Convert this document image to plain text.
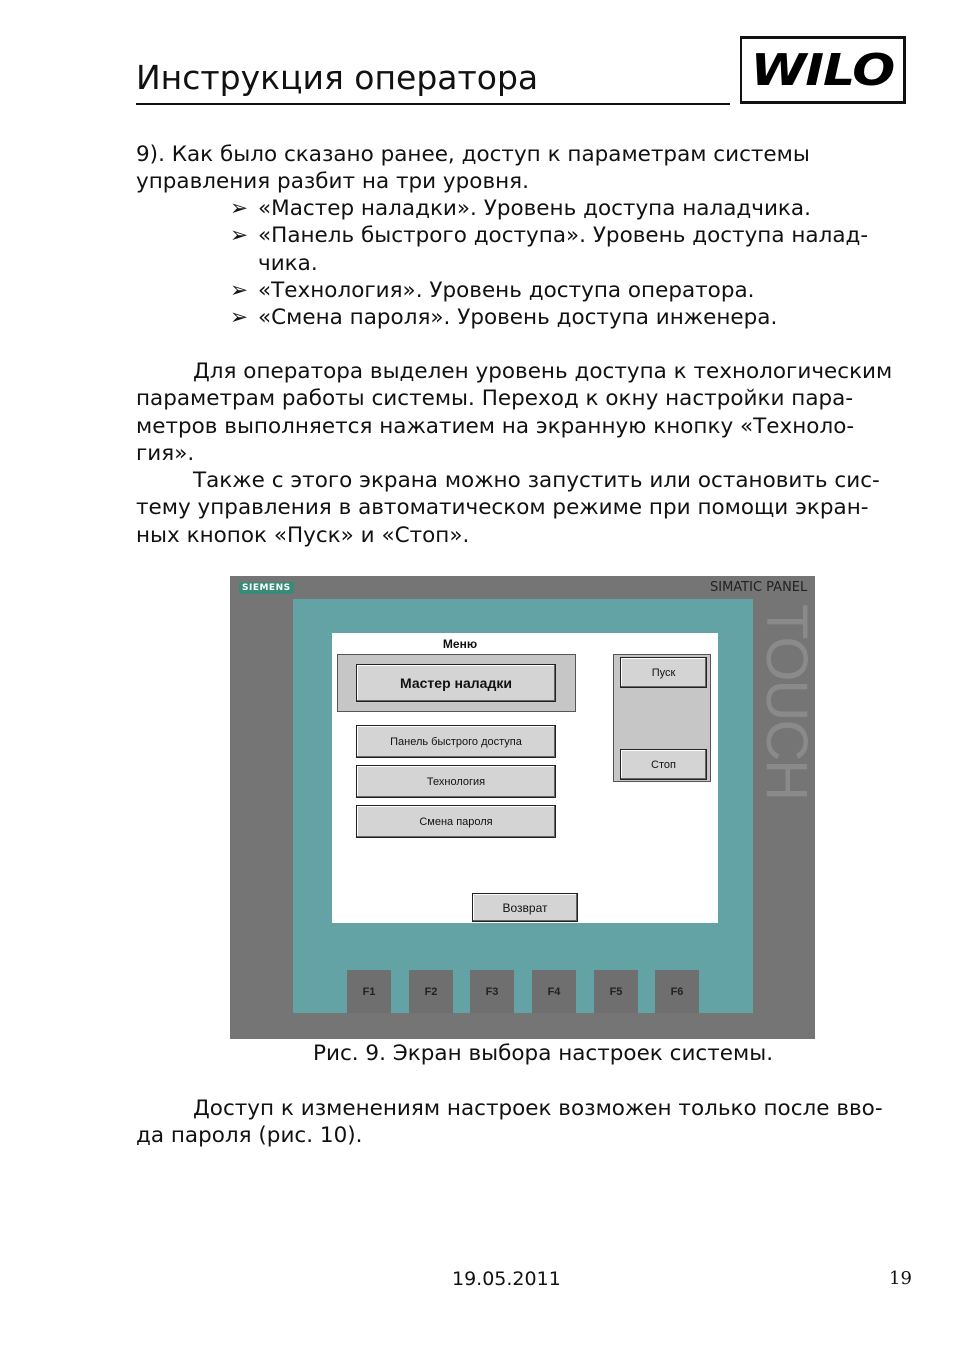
Инструкция оператора	WILO
9). Как было сказано ранее, доступ к параметрам системы
управления разбит на три уровня.
➢ «Мастер наладки». Уровень доступа наладчика.
➢ «Панель быстрого доступа». Уровень доступа налад-
чика.
➢ «Технология». Уровень доступа оператора.
➢ «Смена пароля». Уровень доступа инженера.
Для оператора выделен уровень доступа к технологическим
параметрам работы системы. Переход к окну настройки пара-
метров выполняется нажатием на экранную кнопку «Техноло-
гия».
Также с этого экрана можно запустить или остановить сис-
тему управления в автоматическом режиме при помощи экран-
ных кнопок «Пуск» и «Стоп».
SIEMENS	SIMATIC PANEL
TOUCH
Меню
Мастер наладки
Панель быстрого доступа
Технология
Смена пароля
Пуск
Стоп
Возврат
F1	F2	F3	F4	F5	F6
Рис. 9. Экран выбора настроек системы.
Доступ к изменениям настроек возможен только после вво-
да пароля (рис. 10).
19.05.2011	19
